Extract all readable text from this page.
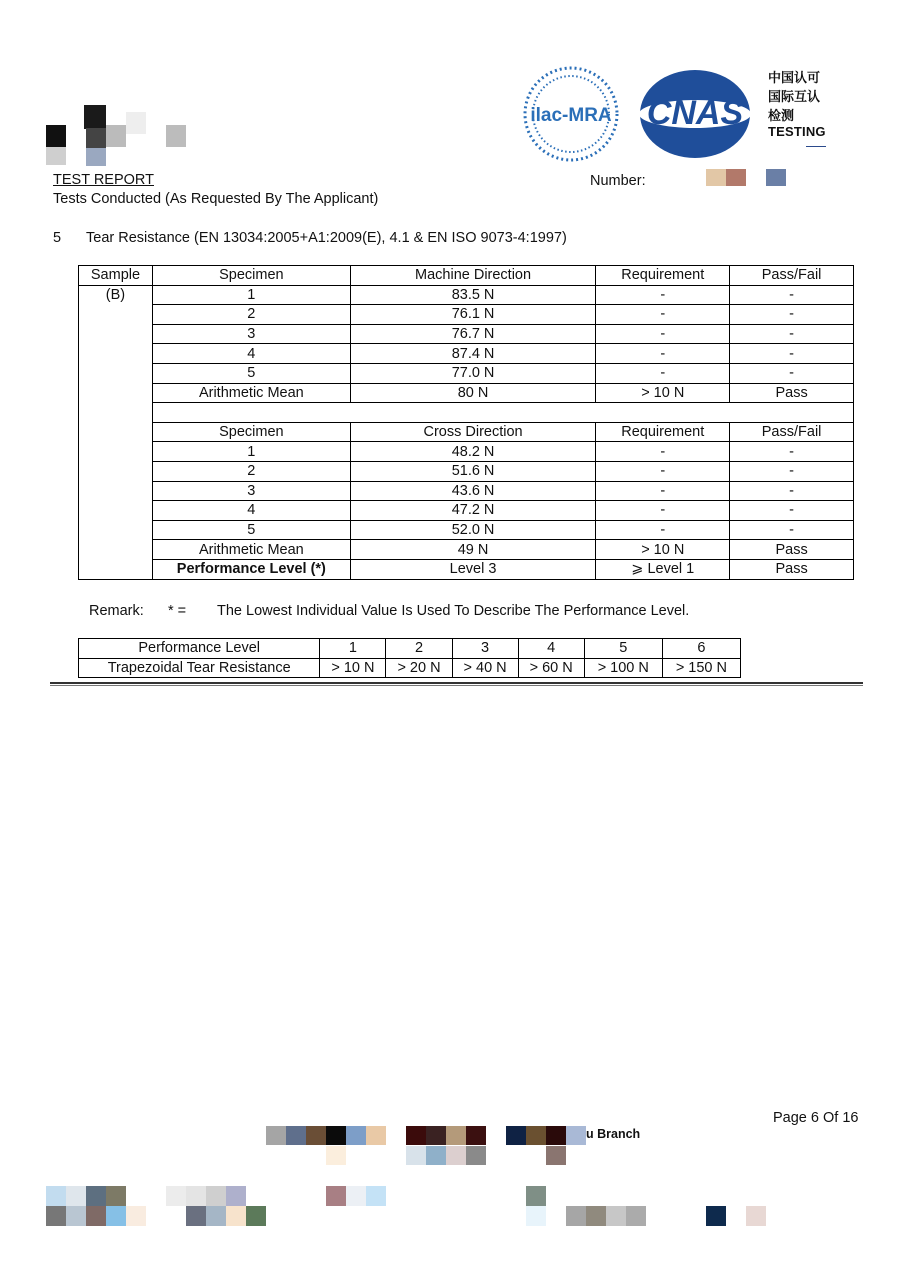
ilac-MRA CNAS
中国认可
国际互认
检测
TESTING
TEST REPORT
Tests Conducted (As Requested By The Applicant)
Number:
5 Tear Resistance (EN 13034:2005+A1:2009(E), 4.1 & EN ISO 9073-4:1997)
Sample	Specimen	Machine Direction	Requirement	Pass/Fail
(B)	1	83.5 N	-	-
	2	76.1 N	-	-
	3	76.7 N	-	-
	4	87.4 N	-	-
	5	77.0 N	-	-
	Arithmetic Mean	80 N	> 10 N	Pass

	Specimen	Cross Direction	Requirement	Pass/Fail
	1	48.2 N	-	-
	2	51.6 N	-	-
	3	43.6 N	-	-
	4	47.2 N	-	-
	5	52.0 N	-	-
	Arithmetic Mean	49 N	> 10 N	Pass
	Performance Level (*)	Level 3	⩾ Level 1	Pass
Remark: * = The Lowest Individual Value Is Used To Describe The Performance Level.
Performance Level	1	2	3	4	5	6
Trapezoidal Tear Resistance	> 10 N	> 20 N	> 40 N	> 60 N	> 100 N	> 150 N
Page 6 Of 16
u Branch
